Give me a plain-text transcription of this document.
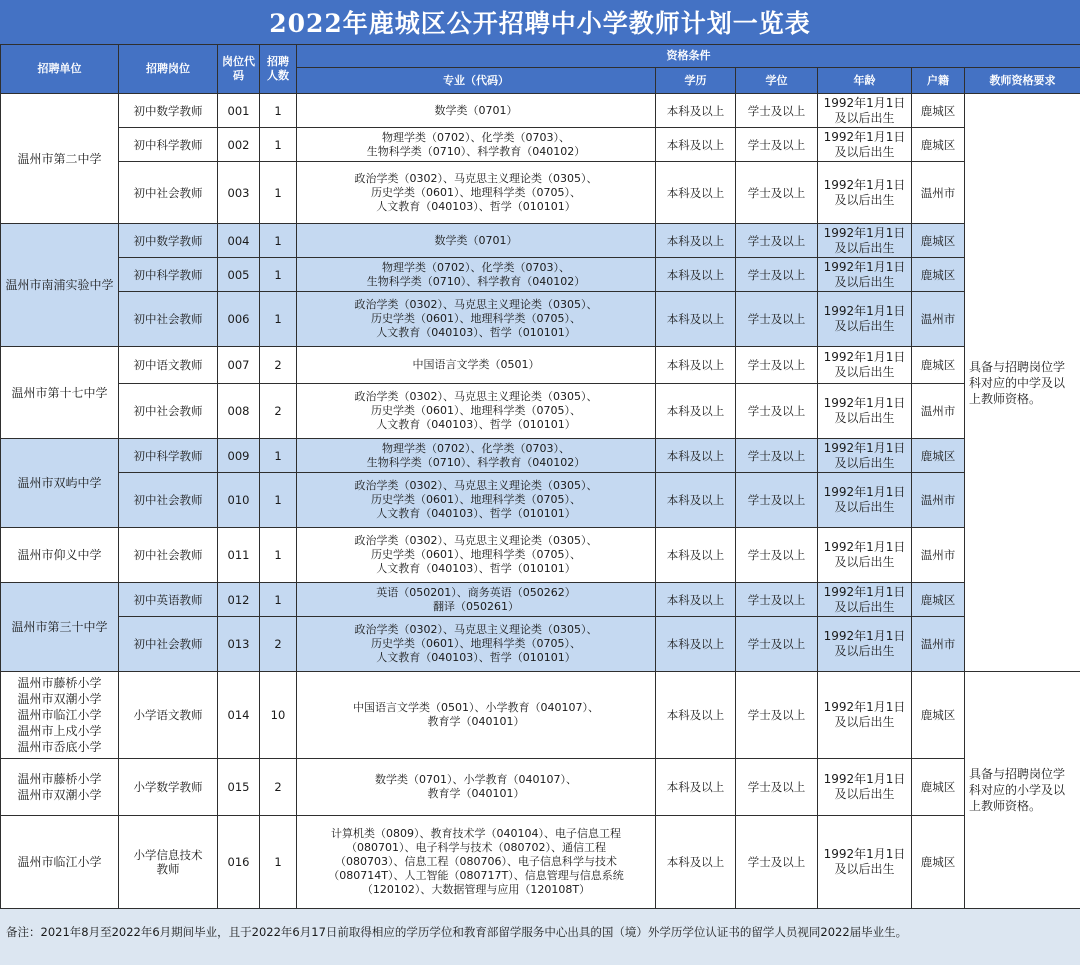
2022年鹿城区公开招聘中小学教师计划一览表
招聘单位	招聘岗位	岗位代码	招聘人数	资格条件					
				专业（代码）	学历	学位	年龄	户籍	教师资格要求
温州市第二中学	初中数学教师	001	1	数学类（0701）	本科及以上	学士及以上	1992年1月1日
及以后出生	鹿城区	具备与招聘岗位学科对应的中学及以上教师资格。
	初中科学教师	002	1	物理学类（0702）、化学类（0703）、
生物科学类（0710）、科学教育（040102）	本科及以上	学士及以上	1992年1月1日
及以后出生	鹿城区	
	初中社会教师	003	1	政治学类（0302）、马克思主义理论类（0305）、
历史学类（0601）、地理科学类（0705）、
人文教育（040103）、哲学（010101）	本科及以上	学士及以上	1992年1月1日
及以后出生	温州市	
温州市南浦实验中学	初中数学教师	004	1	数学类（0701）	本科及以上	学士及以上	1992年1月1日
及以后出生	鹿城区	
	初中科学教师	005	1	物理学类（0702）、化学类（0703）、
生物科学类（0710）、科学教育（040102）	本科及以上	学士及以上	1992年1月1日
及以后出生	鹿城区	
	初中社会教师	006	1	政治学类（0302）、马克思主义理论类（0305）、
历史学类（0601）、地理科学类（0705）、
人文教育（040103）、哲学（010101）	本科及以上	学士及以上	1992年1月1日
及以后出生	温州市	
温州市第十七中学	初中语文教师	007	2	中国语言文学类（0501）	本科及以上	学士及以上	1992年1月1日
及以后出生	鹿城区	
	初中社会教师	008	2	政治学类（0302）、马克思主义理论类（0305）、
历史学类（0601）、地理科学类（0705）、
人文教育（040103）、哲学（010101）	本科及以上	学士及以上	1992年1月1日
及以后出生	温州市	
温州市双屿中学	初中科学教师	009	1	物理学类（0702）、化学类（0703）、
生物科学类（0710）、科学教育（040102）	本科及以上	学士及以上	1992年1月1日
及以后出生	鹿城区	
	初中社会教师	010	1	政治学类（0302）、马克思主义理论类（0305）、
历史学类（0601）、地理科学类（0705）、
人文教育（040103）、哲学（010101）	本科及以上	学士及以上	1992年1月1日
及以后出生	温州市	
温州市仰义中学	初中社会教师	011	1	政治学类（0302）、马克思主义理论类（0305）、
历史学类（0601）、地理科学类（0705）、
人文教育（040103）、哲学（010101）	本科及以上	学士及以上	1992年1月1日
及以后出生	温州市	
温州市第三十中学	初中英语教师	012	1	英语（050201）、商务英语（050262）
翻译（050261）	本科及以上	学士及以上	1992年1月1日
及以后出生	鹿城区	
	初中社会教师	013	2	政治学类（0302）、马克思主义理论类（0305）、
历史学类（0601）、地理科学类（0705）、
人文教育（040103）、哲学（010101）	本科及以上	学士及以上	1992年1月1日
及以后出生	温州市	
温州市藤桥小学
温州市双潮小学
温州市临江小学
温州市上戍小学
温州市岙底小学	小学语文教师	014	10	中国语言文学类（0501）、小学教育（040107）、
教育学（040101）	本科及以上	学士及以上	1992年1月1日
及以后出生	鹿城区	具备与招聘岗位学科对应的小学及以上教师资格。
温州市藤桥小学
温州市双潮小学	小学数学教师	015	2	数学类（0701）、小学教育（040107）、
教育学（040101）	本科及以上	学士及以上	1992年1月1日
及以后出生	鹿城区	
温州市临江小学	小学信息技术
教师	016	1	计算机类（0809）、教育技术学（040104）、电子信息工程
（080701）、电子科学与技术（080702）、通信工程
（080703）、信息工程（080706）、电子信息科学与技术
（080714T）、人工智能（080717T）、信息管理与信息系统
（120102）、大数据管理与应用（120108T）	本科及以上	学士及以上	1992年1月1日
及以后出生	鹿城区	
备注：2021年8月至2022年6月期间毕业，且于2022年6月17日前取得相应的学历学位和教育部留学服务中心出具的国（境）外学历学位认证书的留学人员视同2022届毕业生。
